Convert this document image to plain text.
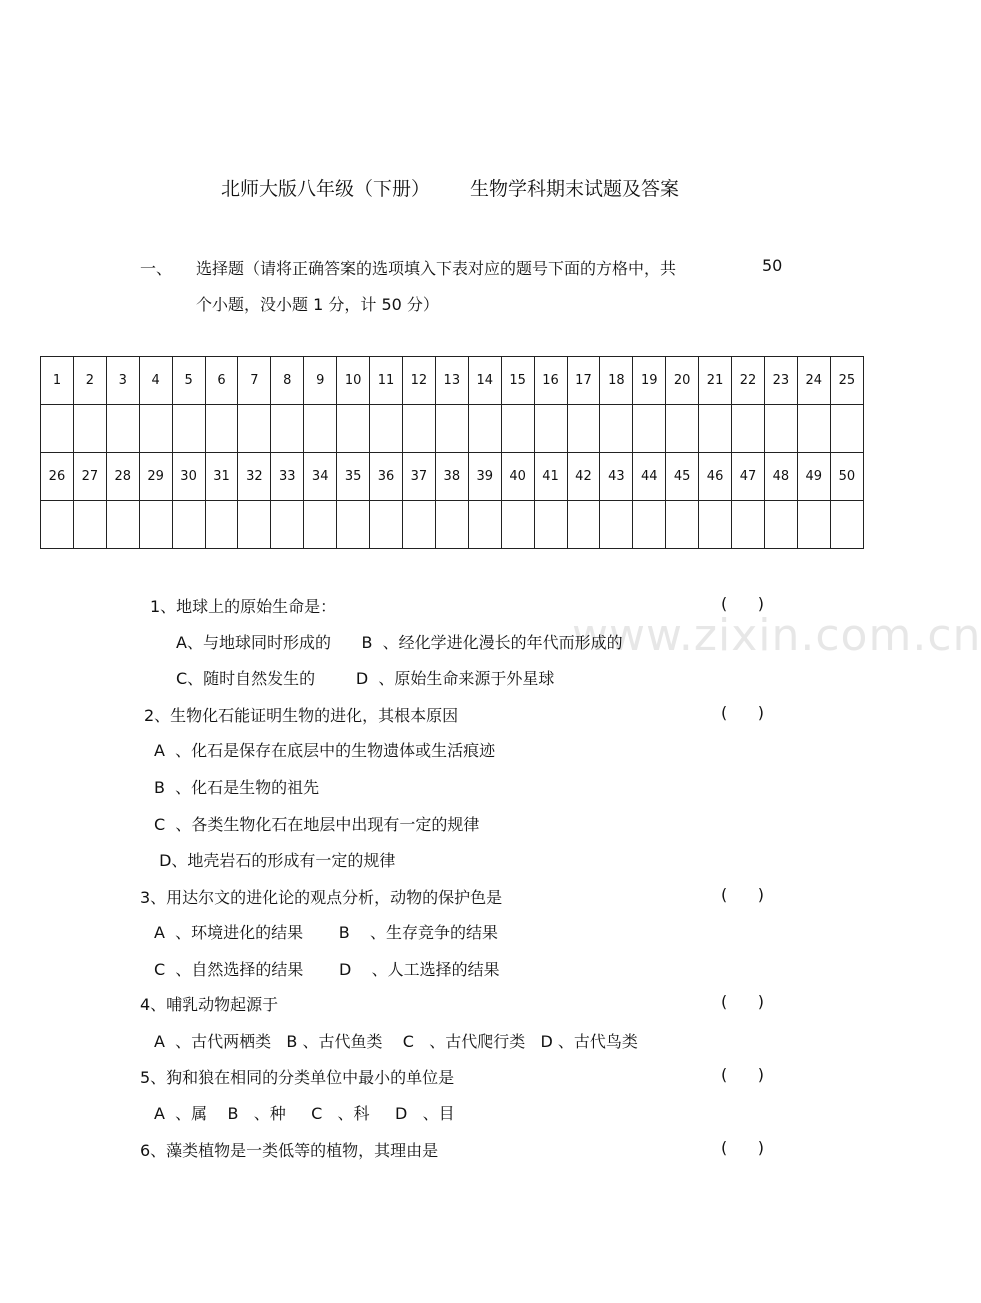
北师大版八年级（下册） 生物学科期末试题及答案
一、 选择题（请将正确答案的选项填入下表对应的题号下面的方格中，共	50
个小题，没小题 1 分，计 50 分）
1	2	3	4	5	6	7	8	9	10	11	12	13	14	15	16	17	18	19	20	21	22	23	24	25

26	27	28	29	30	31	32	33	34	35	36	37	38	39	40	41	42	43	44	45	46	47	48	49	50

www.zixin.com.cn
1、地球上的原始生命是：	(      )
A、与地球同时形成的      B  、经化学进化漫长的年代而形成的
C、随时自然发生的        D  、原始生命来源于外星球
2、生物化石能证明生物的进化，其根本原因	(      )
A  、化石是保存在底层中的生物遗体或生活痕迹
B  、化石是生物的祖先
C  、各类生物化石在地层中出现有一定的规律
D、地壳岩石的形成有一定的规律
3、用达尔文的进化论的观点分析，动物的保护色是	(      )
A  、环境进化的结果       B    、生存竞争的结果
C  、自然选择的结果       D    、人工选择的结果
4、哺乳动物起源于	(      )
A  、古代两栖类   B 、古代鱼类    C   、古代爬行类   D 、古代鸟类
5、狗和狼在相同的分类单位中最小的单位是	(      )
A  、属    B   、种     C   、科     D   、目
6、藻类植物是一类低等的植物，其理由是	(      )
